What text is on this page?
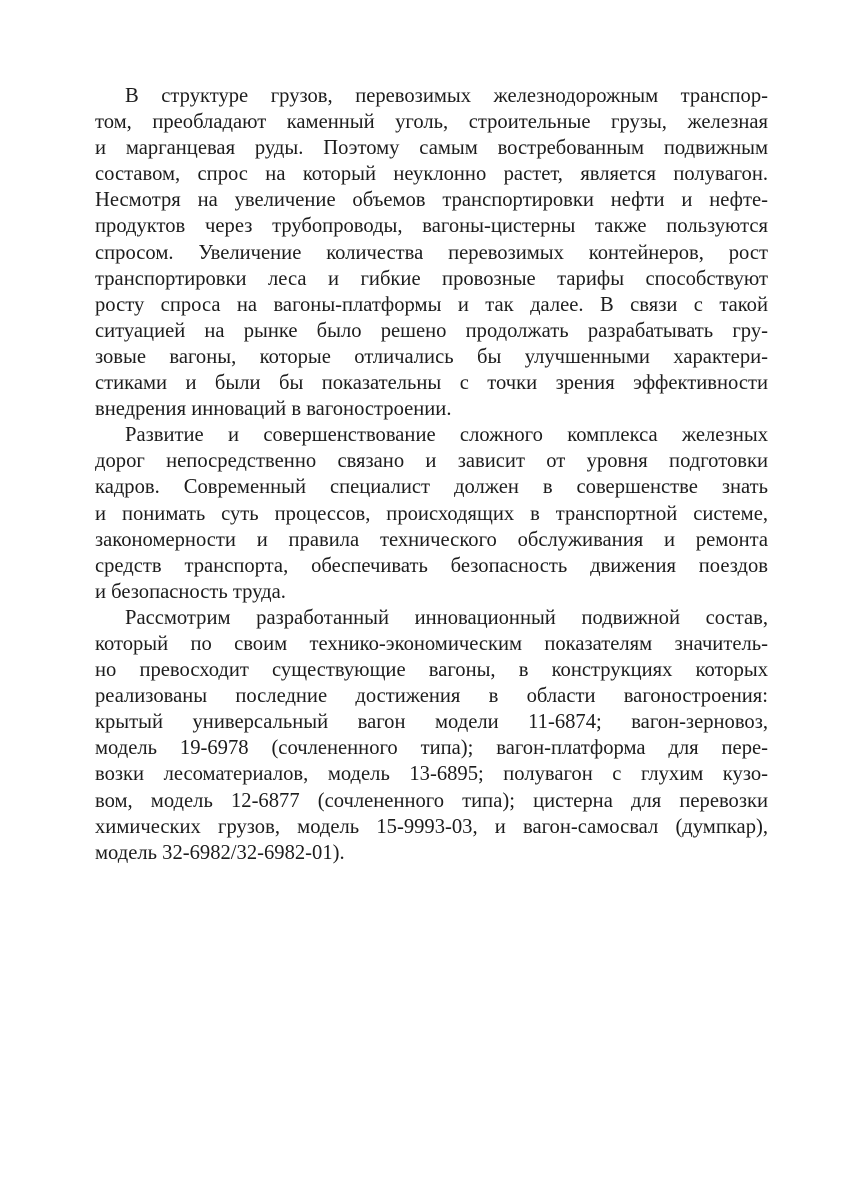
В структуре грузов, перевозимых железнодорожным транспор-
том, преобладают каменный уголь, строительные грузы, железная
и марганцевая руды. Поэтому самым востребованным подвижным
составом, спрос на который неуклонно растет, является полувагон.
Несмотря на увеличение объемов транспортировки нефти и нефте-
продуктов через трубопроводы, вагоны-цистерны также пользуются
спросом. Увеличение количества перевозимых контейнеров, рост
транспортировки леса и гибкие провозные тарифы способствуют
росту спроса на вагоны-платформы и так далее. В связи с такой
ситуацией на рынке было решено продолжать разрабатывать гру-
зовые вагоны, которые отличались бы улучшенными характери-
стиками и были бы показательны с точки зрения эффективности
внедрения инноваций в вагоностроении.
Развитие и совершенствование сложного комплекса железных
дорог непосредственно связано и зависит от уровня подготовки
кадров. Современный специалист должен в совершенстве знать
и понимать суть процессов, происходящих в транспортной системе,
закономерности и правила технического обслуживания и ремонта
средств транспорта, обеспечивать безопасность движения поездов
и безопасность труда.
Рассмотрим разработанный инновационный подвижной состав,
который по своим технико-экономическим показателям значитель-
но превосходит существующие вагоны, в конструкциях которых
реализованы последние достижения в области вагоностроения:
крытый универсальный вагон модели 11-6874; вагон-зерновоз,
модель 19-6978 (сочлененного типа); вагон-платформа для пере-
возки лесоматериалов, модель 13-6895; полувагон с глухим кузо-
вом, модель 12-6877 (сочлененного типа); цистерна для перевозки
химических грузов, модель 15-9993-03, и вагон-самосвал (думпкар),
модель 32-6982/32-6982-01).
